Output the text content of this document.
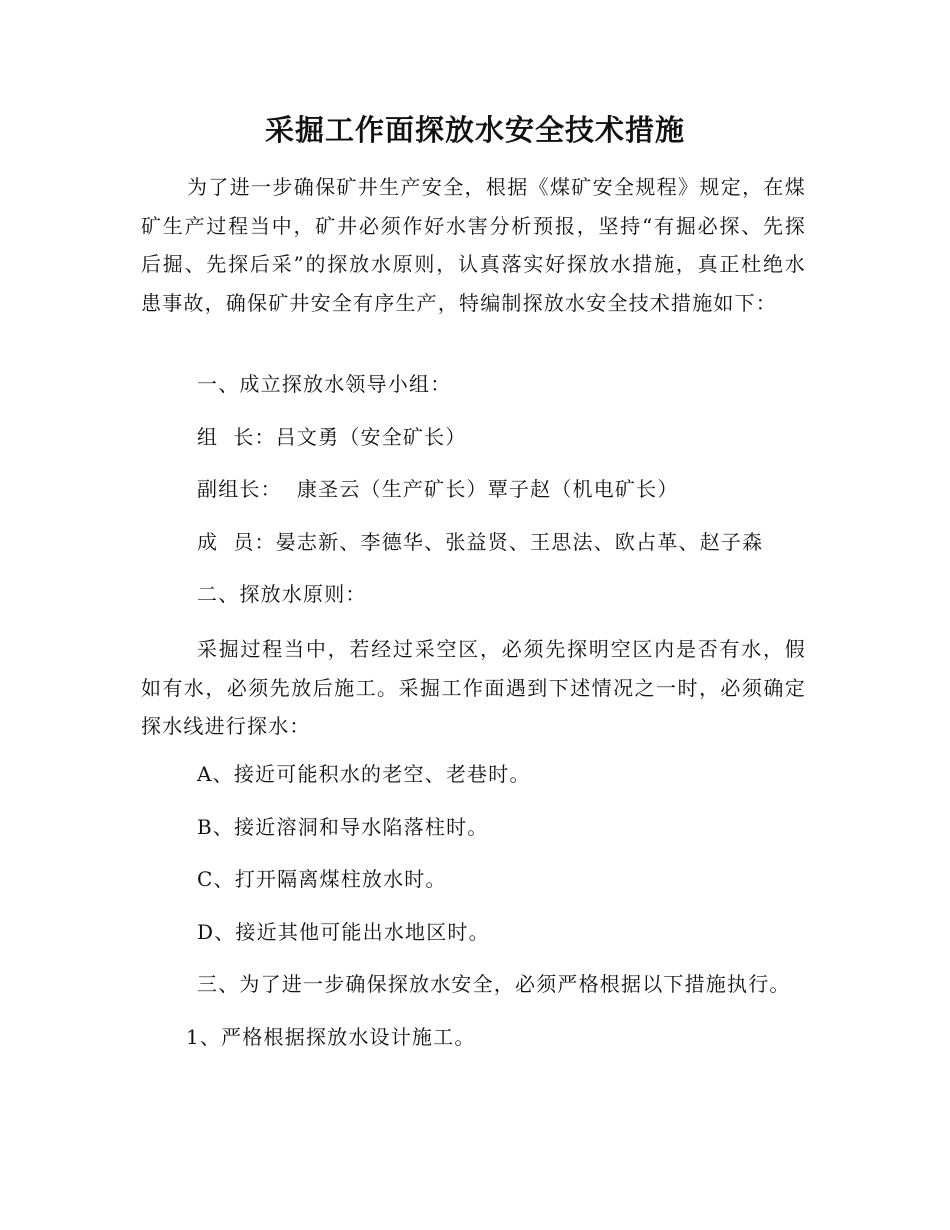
采掘工作面探放水安全技术措施

为了进一步确保矿井生产安全，根据《煤矿安全规程》规定，在煤矿生产过程当中，矿井必须作好水害分析预报，坚持“有掘必探、先探后掘、先探后采”的探放水原则，认真落实好探放水措施，真正杜绝水患事故，确保矿井安全有序生产，特编制探放水安全技术措施如下：

一、成立探放水领导小组：

组  长：吕文勇（安全矿长）

副组长：  康圣云（生产矿长）覃子赵（机电矿长）

成  员：晏志新、李德华、张益贤、王思法、欧占革、赵子森

二、探放水原则：

采掘过程当中，若经过采空区，必须先探明空区内是否有水，假如有水，必须先放后施工。采掘工作面遇到下述情况之一时，必须确定探水线进行探水：

A、接近可能积水的老空、老巷时。

B、接近溶洞和导水陷落柱时。

C、打开隔离煤柱放水时。

D、接近其他可能出水地区时。

三、为了进一步确保探放水安全，必须严格根据以下措施执行。

1、严格根据探放水设计施工。
